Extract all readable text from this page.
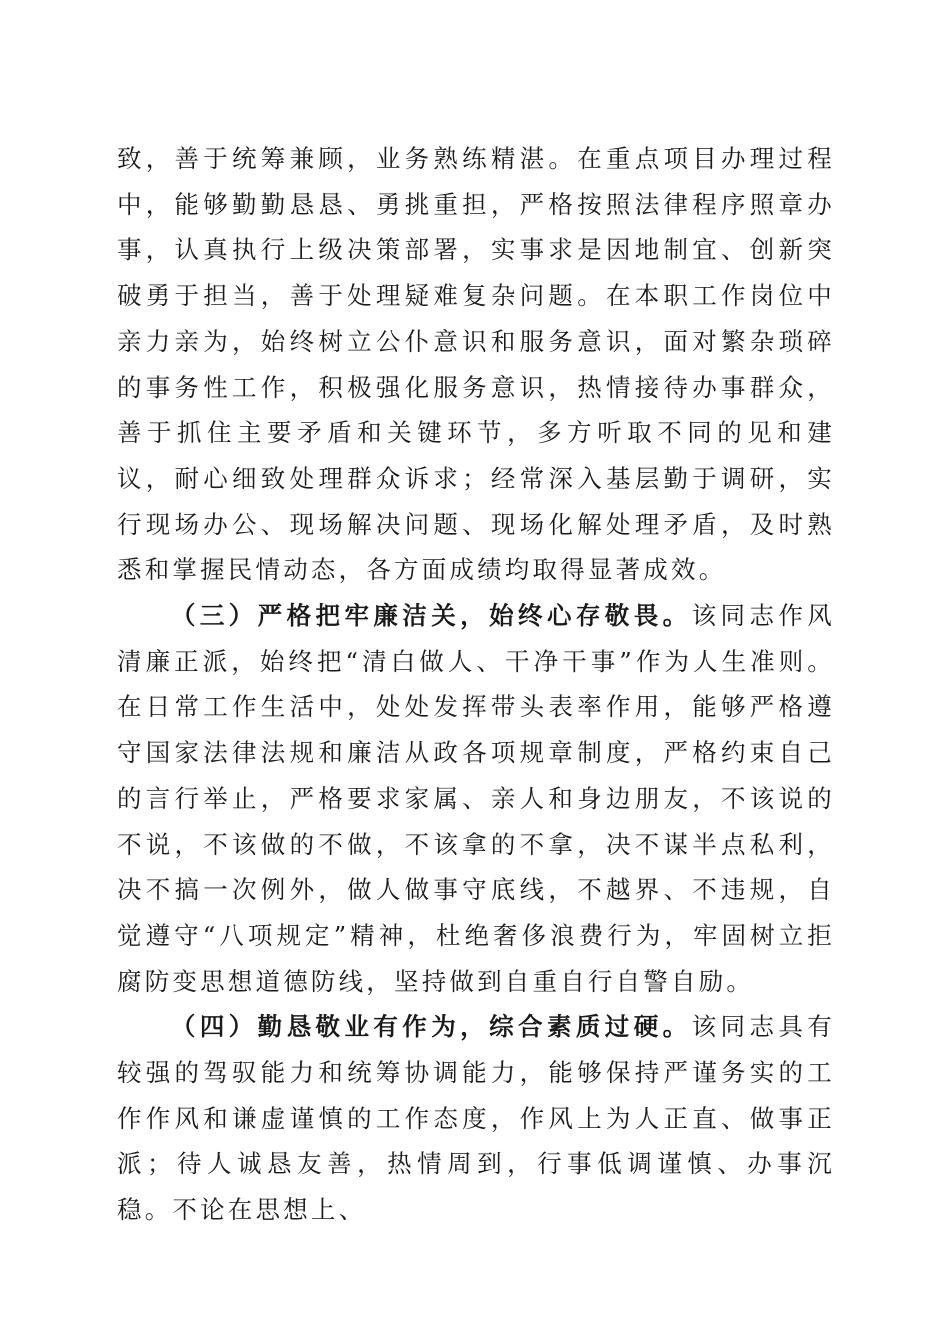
致，善于统筹兼顾，业务熟练精湛。在重点项目办理过程中，能够勤勤恳恳、勇挑重担，严格按照法律程序照章办事，认真执行上级决策部署，实事求是因地制宜、创新突破勇于担当，善于处理疑难复杂问题。在本职工作岗位中亲力亲为，始终树立公仆意识和服务意识，面对繁杂琐碎的事务性工作，积极强化服务意识，热情接待办事群众，善于抓住主要矛盾和关键环节，多方听取不同的见和建议，耐心细致处理群众诉求；经常深入基层勤于调研，实行现场办公、现场解决问题、现场化解处理矛盾，及时熟悉和掌握民情动态，各方面成绩均取得显著成效。

（三）严格把牢廉洁关，始终心存敬畏。该同志作风清廉正派，始终把“清白做人、干净干事”作为人生准则。在日常工作生活中，处处发挥带头表率作用，能够严格遵守国家法律法规和廉洁从政各项规章制度，严格约束自己的言行举止，严格要求家属、亲人和身边朋友，不该说的不说，不该做的不做，不该拿的不拿，决不谋半点私利，决不搞一次例外，做人做事守底线，不越界、不违规，自觉遵守“八项规定”精神，杜绝奢侈浪费行为，牢固树立拒腐防变思想道德防线，坚持做到自重自行自警自励。

（四）勤恳敬业有作为，综合素质过硬。该同志具有较强的驾驭能力和统筹协调能力，能够保持严谨务实的工作作风和谦虚谨慎的工作态度，作风上为人正直、做事正派；待人诚恳友善，热情周到，行事低调谨慎、办事沉稳。不论在思想上、
